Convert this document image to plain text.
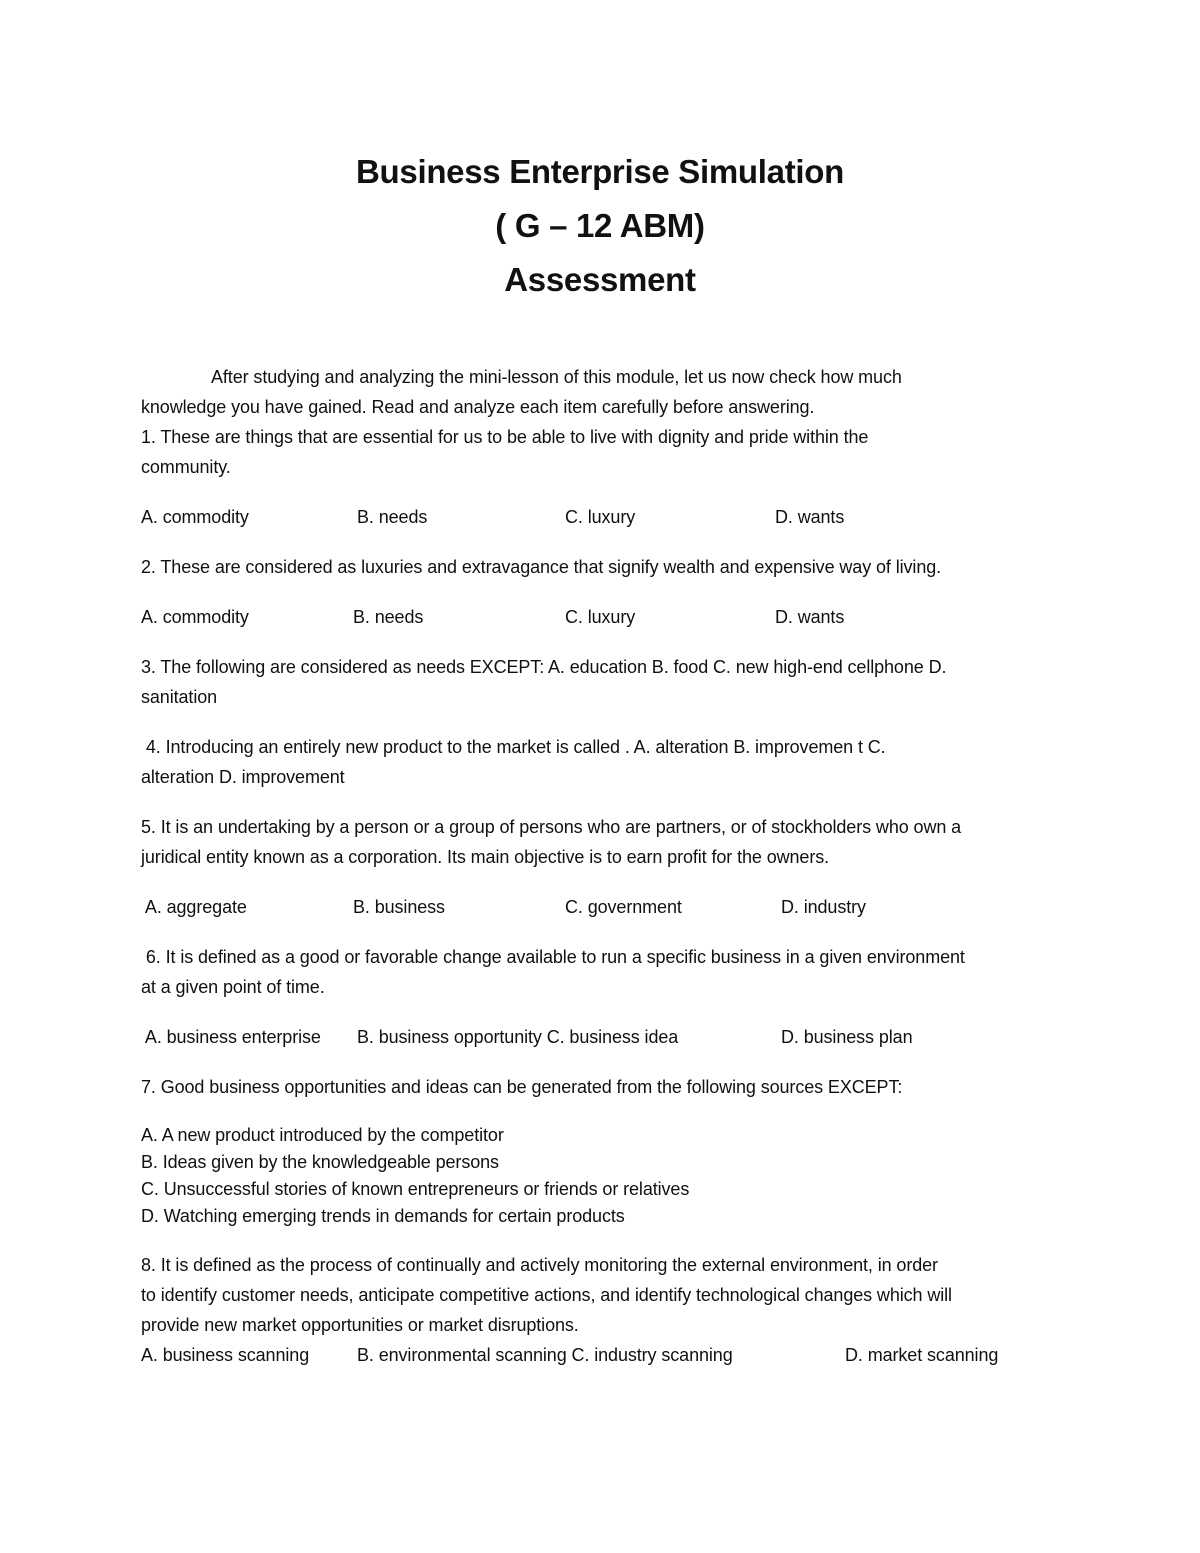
Business Enterprise Simulation
( G – 12 ABM)
Assessment
After studying and analyzing the mini-lesson of this module, let us now check how much
knowledge you have gained. Read and analyze each item carefully before answering.
1. These are things that are essential for us to be able to live with dignity and pride within the
community.
A. commodity	B. needs	C. luxury	D. wants
2. These are considered as luxuries and extravagance that signify wealth and expensive way of living.
A. commodity	B. needs	C. luxury	D. wants
3. The following are considered as needs EXCEPT: A. education B. food C. new high-end cellphone D.
sanitation
4. Introducing an entirely new product to the market is called . A. alteration B. improvemen t C.
alteration D. improvement
5. It is an undertaking by a person or a group of persons who are partners, or of stockholders who own a
juridical entity known as a corporation. Its main objective is to earn profit for the owners.

A. aggregate

	B. business

	C. government

	D. industry

6. It is defined as a good or favorable change available to run a specific business in a given environment
at a given point of time.

A. business enterprise

B. business opportunity C. business idea

	D. business plan

7. Good business opportunities and ideas can be generated from the following sources EXCEPT:
A. A new product introduced by the competitor
B. Ideas given by the knowledgeable persons
C. Unsuccessful stories of known entrepreneurs or friends or relatives
D. Watching emerging trends in demands for certain products
8. It is defined as the process of continually and actively monitoring the external environment, in order
to identify customer needs, anticipate competitive actions, and identify technological changes which will
provide new market opportunities or market disruptions.
A. business scanning	B. environmental scanning C. industry scanning	D. market scanning
